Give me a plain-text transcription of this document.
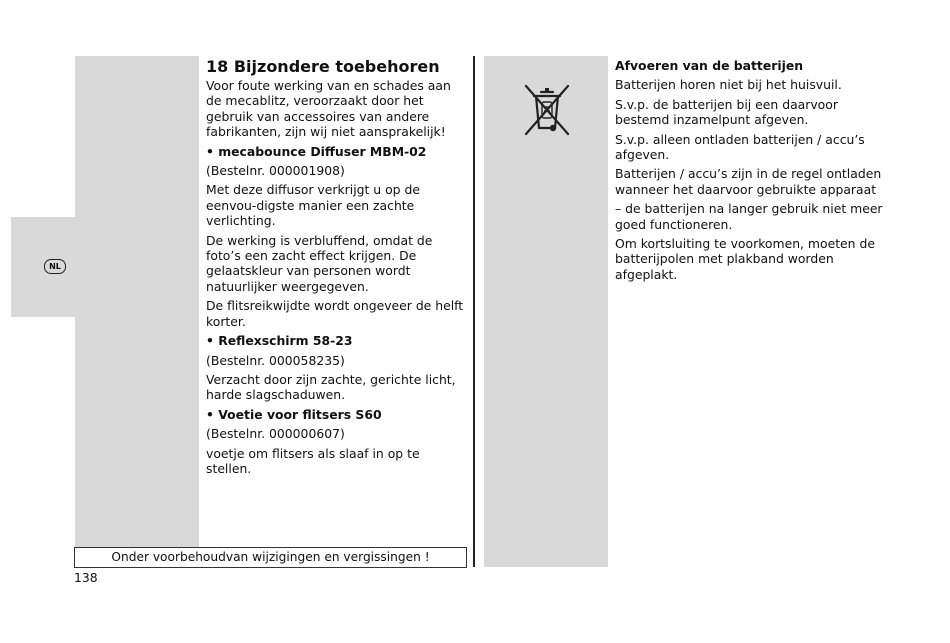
NL
18 Bijzondere toebehoren

Voor foute werking van en schades aan de mecablitz, veroorzaakt door het gebruik van accessoires van andere fabrikanten, zijn wij niet aansprakelijk!

• mecabounce Diffuser MBM-02

(Bestelnr. 000001908)

Met deze diffusor verkrijgt u op de eenvou-digste manier een zachte verlichting.

De werking is verbluffend, omdat de foto’s een zacht effect krijgen. De gelaatskleur van personen wordt natuurlijker weergegeven.

De flitsreikwijdte wordt ongeveer de helft korter.

• Reflexschirm 58-23

(Bestelnr. 000058235)

Verzacht door zijn zachte, gerichte licht, harde slagschaduwen.

• Voetie voor flitsers S60

(Bestelnr. 000000607)

voetje om flitsers als slaaf in op te stellen.

Afvoeren van de batterijen

Batterijen horen niet bij het huisvuil.

S.v.p. de batterijen bij een daarvoor bestemd inzamelpunt afgeven.

S.v.p. alleen ontladen batterijen / accu’s afgeven.

Batterijen / accu’s zijn in de regel ontladen wanneer het daarvoor gebruikte apparaat

– de batterijen na langer gebruik niet meer goed functioneren.

Om kortsluiting te voorkomen, moeten de batterijpolen met plakband worden afgeplakt.

Onder voorbehoudvan wijzigingen en vergissingen !
138
